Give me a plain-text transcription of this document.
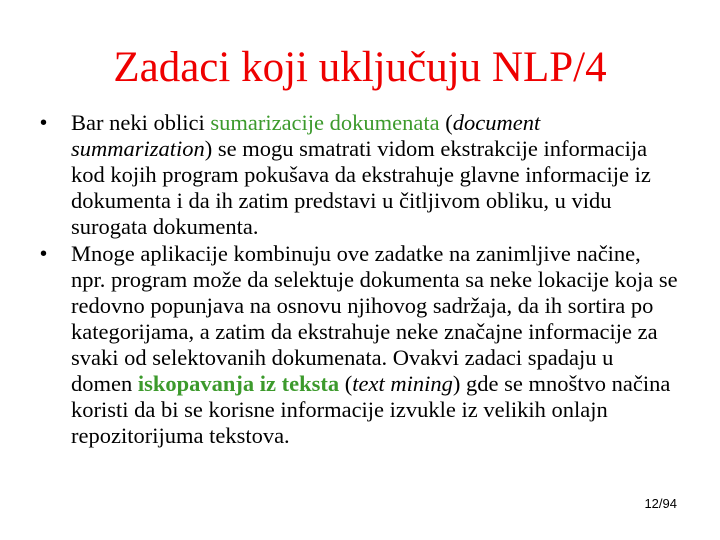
Zadaci koji uključuju NLP/4
• Bar neki oblici sumarizacije dokumenata (document summarization) se mogu smatrati vidom ekstrakcije informacija kod kojih program pokušava da ekstrahuje glavne informacije iz dokumenta i da ih zatim predstavi u čitljivom obliku, u vidu surogata dokumenta.
• Mnoge aplikacije kombinuju ove zadatke na zanimljive načine, npr. program može da selektuje dokumenta sa neke lokacije koja se redovno popunjava na osnovu njihovog sadržaja, da ih sortira po kategorijama, a zatim da ekstrahuje neke značajne informacije za svaki od selektovanih dokumenata. Ovakvi zadaci spadaju u domen iskopavanja iz teksta (text mining) gde se mnoštvo načina koristi da bi se korisne informacije izvukle iz velikih onlajn repozitorijuma tekstova.
12/94
